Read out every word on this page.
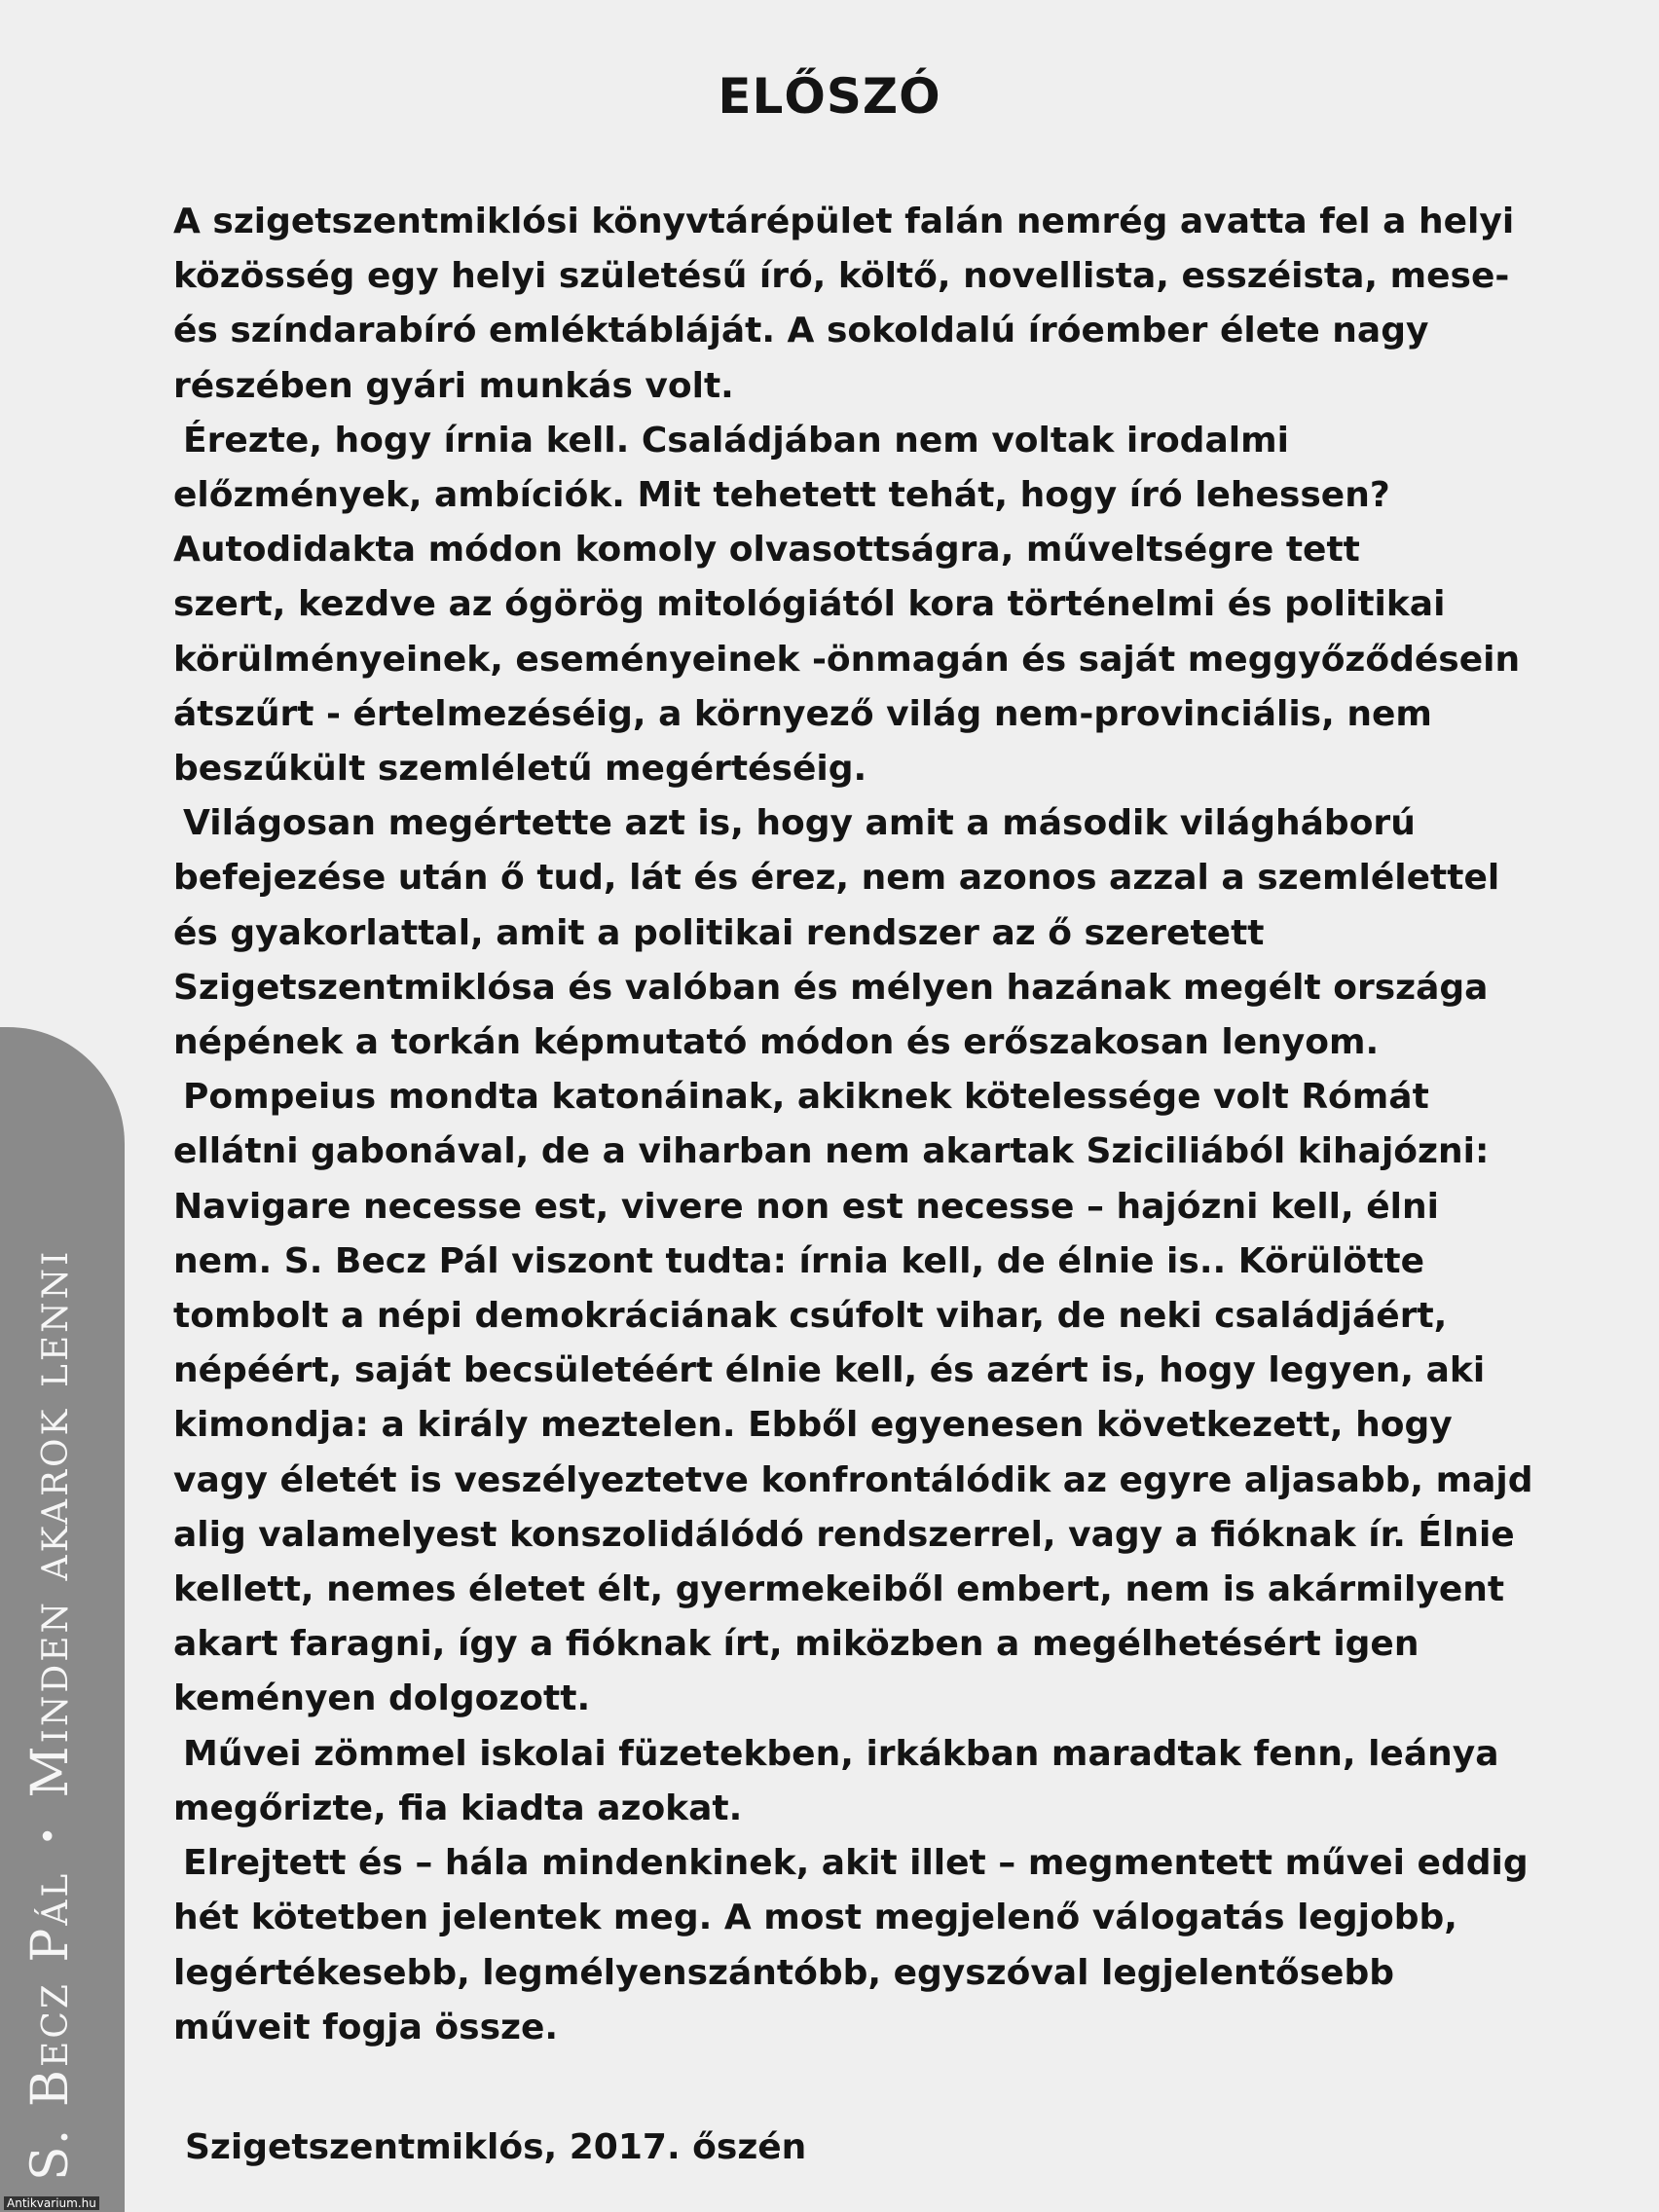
S. Becz Pál•Minden akarok lenni
Antikvarium.hu
ELŐSZÓ
A szigetszentmiklósi könyvtárépület falán nemrég avatta fel a helyi
közösség egy helyi születésű író, költő, novellista, esszéista, mese-
és színdarabíró emléktábláját. A sokoldalú íróember élete nagy
részében gyári munkás volt.
Érezte, hogy írnia kell. Családjában nem voltak irodalmi
előzmények, ambíciók. Mit tehetett tehát, hogy író lehessen?
Autodidakta módon komoly olvasottságra, műveltségre tett
szert, kezdve az ógörög mitológiától kora történelmi és politikai
körülményeinek, eseményeinek -önmagán és saját meggyőződésein
átszűrt - értelmezéséig, a környező világ nem-provinciális, nem
beszűkült szemléletű megértéséig.
Világosan megértette azt is, hogy amit a második világháború
befejezése után ő tud, lát és érez, nem azonos azzal a szemlélettel
és gyakorlattal, amit a politikai rendszer az ő szeretett
Szigetszentmiklósa és valóban és mélyen hazának megélt országa
népének a torkán képmutató módon és erőszakosan lenyom.
Pompeius mondta katonáinak, akiknek kötelessége volt Rómát
ellátni gabonával, de a viharban nem akartak Sziciliából kihajózni:
Navigare necesse est, vivere non est necesse – hajózni kell, élni
nem. S. Becz Pál viszont tudta: írnia kell, de élnie is.. Körülötte
tombolt a népi demokráciának csúfolt vihar, de neki családjáért,
népéért, saját becsületéért élnie kell, és azért is, hogy legyen, aki
kimondja: a király meztelen. Ebből egyenesen következett, hogy
vagy életét is veszélyeztetve konfrontálódik az egyre aljasabb, majd
alig valamelyest konszolidálódó rendszerrel, vagy a fióknak ír. Élnie
kellett, nemes életet élt, gyermekeiből embert, nem is akármilyent
akart faragni, így a fióknak írt, miközben a megélhetésért igen
keményen dolgozott.
Művei zömmel iskolai füzetekben, irkákban maradtak fenn, leánya
megőrizte, fia kiadta azokat.
Elrejtett és – hála mindenkinek, akit illet – megmentett művei eddig
hét kötetben jelentek meg. A most megjelenő válogatás legjobb,
legértékesebb, legmélyenszántóbb, egyszóval legjelentősebb
műveit fogja össze.
Szigetszentmiklós, 2017. őszén
